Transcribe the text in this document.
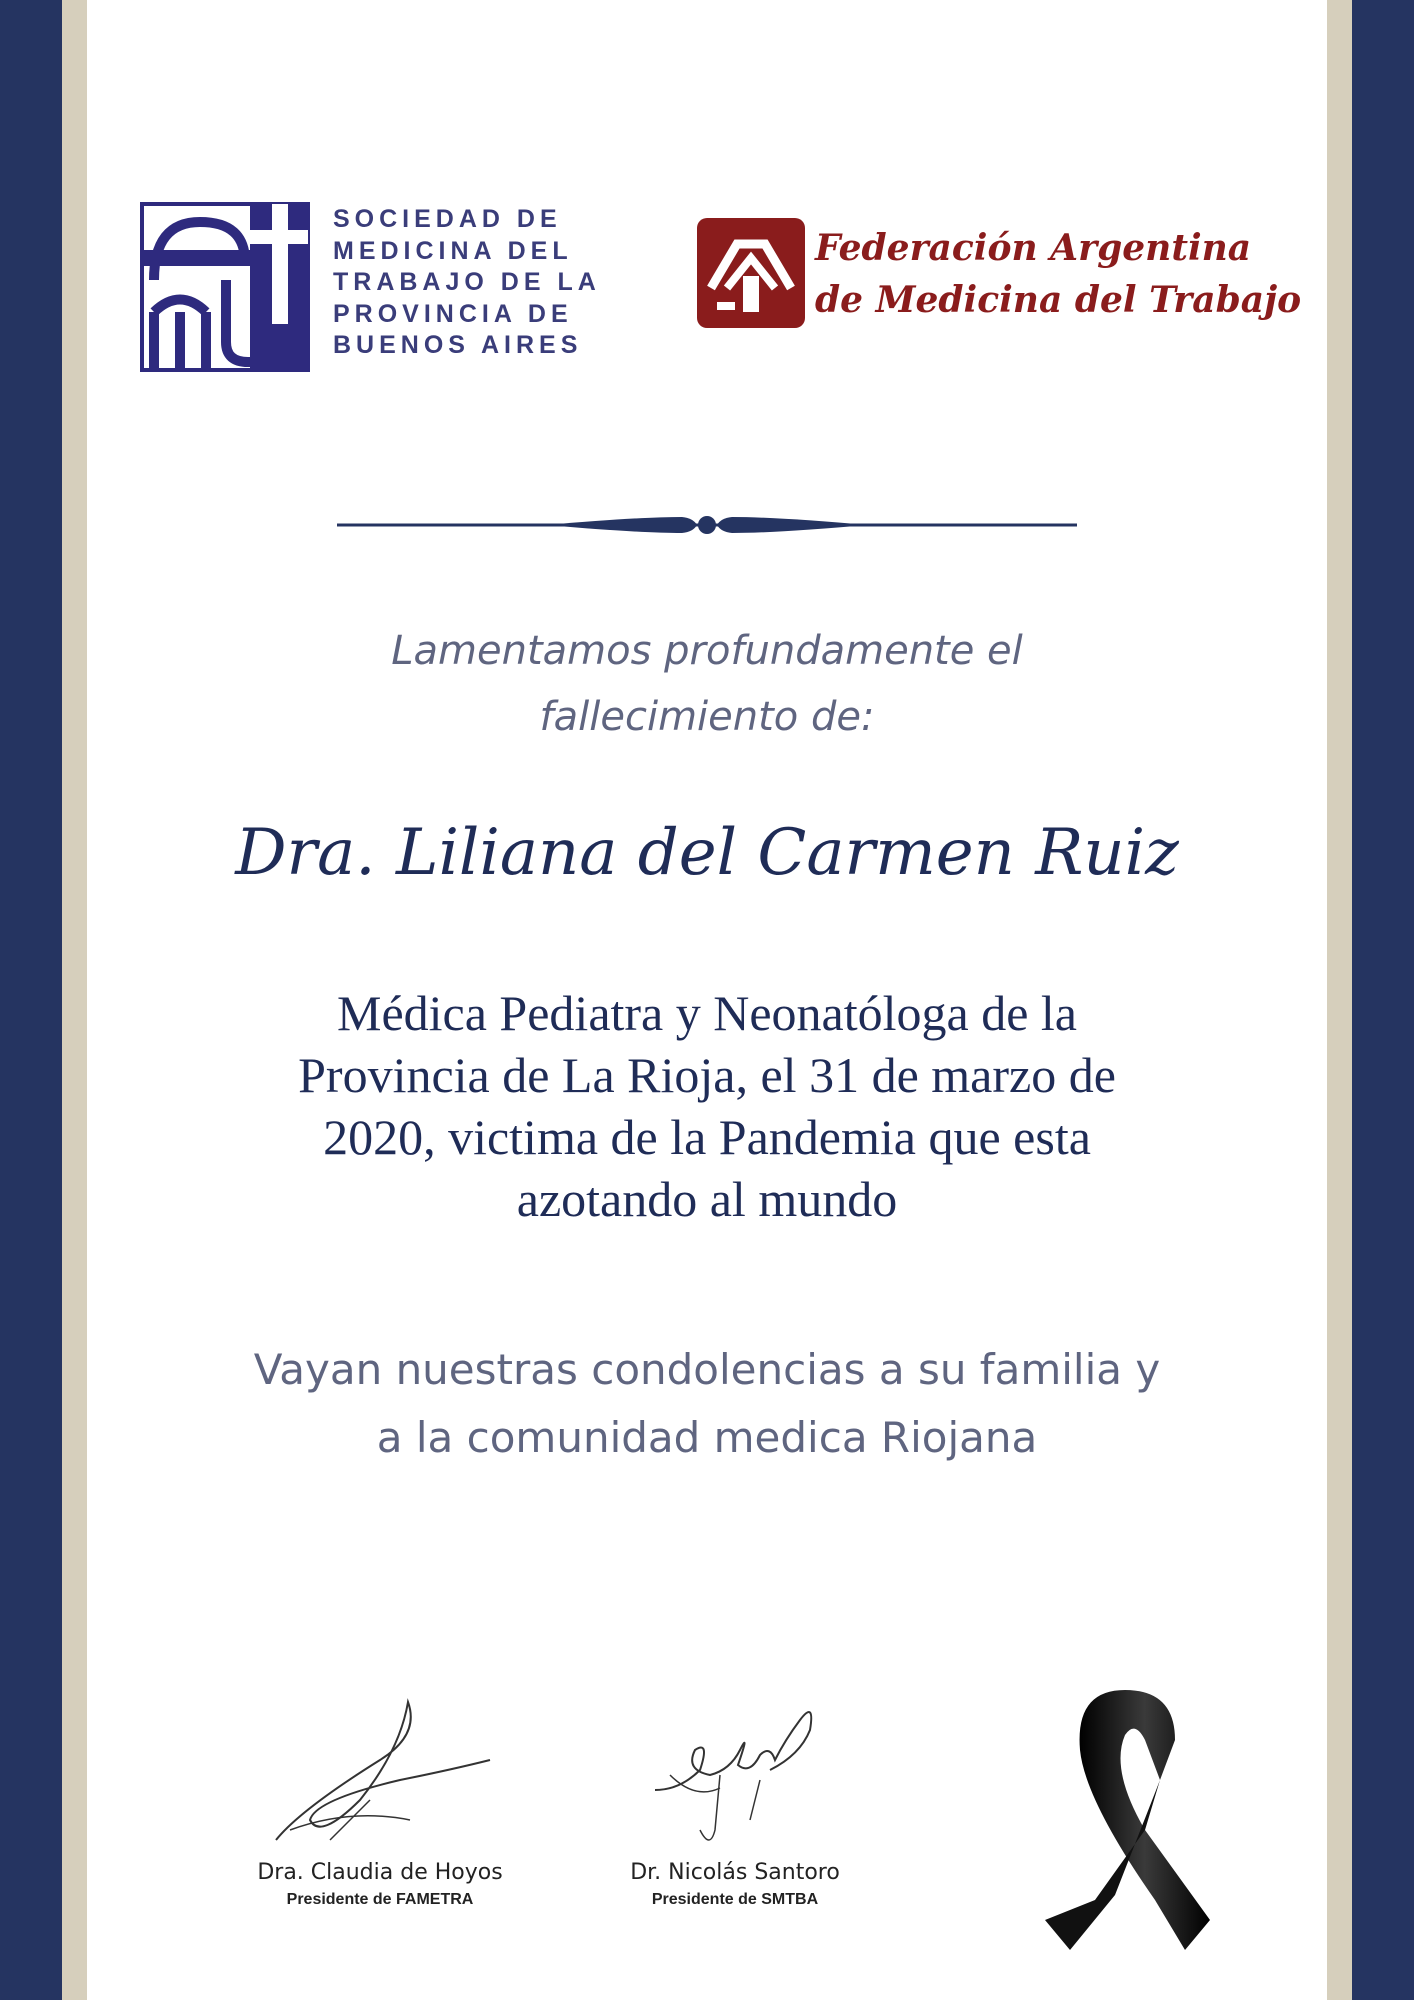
SOCIEDAD DE
MEDICINA DEL
TRABAJO DE LA
PROVINCIA DE
BUENOS AIRES
Federación Argentina
de Medicina del Trabajo
Lamentamos profundamente el
fallecimiento de:
Dra. Liliana del Carmen Ruiz
Médica Pediatra y Neonatóloga de la
Provincia de La Rioja, el 31 de marzo de
2020, victima de la Pandemia que esta
azotando al mundo
Vayan nuestras condolencias a su familia y
a la comunidad medica Riojana
Dra. Claudia de Hoyos
Presidente de FAMETRA
Dr. Nicolás Santoro
Presidente de SMTBA
